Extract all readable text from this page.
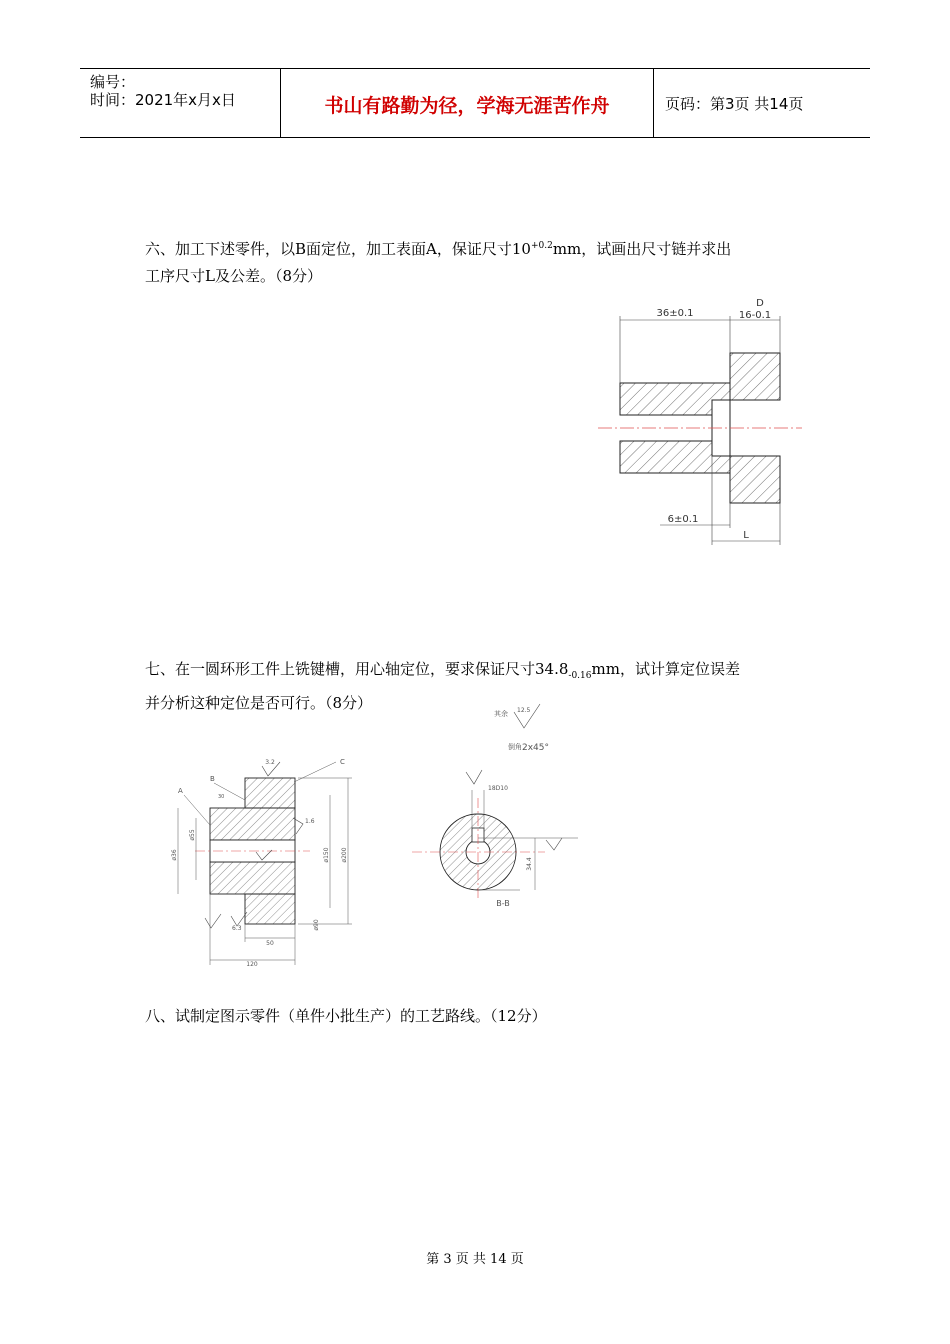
编号：
时间：2021年x月x日	书山有路勤为径，学海无涯苦作舟	页码：第3页 共14页
六、加工下述零件，以B面定位，加工表面A，保证尺寸$10^{+0.2}mm$，试画出尺寸链并求出
工序尺寸L及公差。（8分）
36±0.1
D
16-0.1
6±0.1
L
七、在一圆环形工件上铣键槽，用心轴定位，要求保证尺寸$34.8_{-0.16}mm$，试计算定位误差
并分析这种定位是否可行。（8分）
3.2
1.6
6.3
A
B
C
ø36
ø55
ø150 ø200
ø90
50
30
120
其余 12.5
倒角 2x45°
18D10
34.4
B-B
八、试制定图示零件（单件小批生产）的工艺路线。（12分）
第 3 页 共 14 页
